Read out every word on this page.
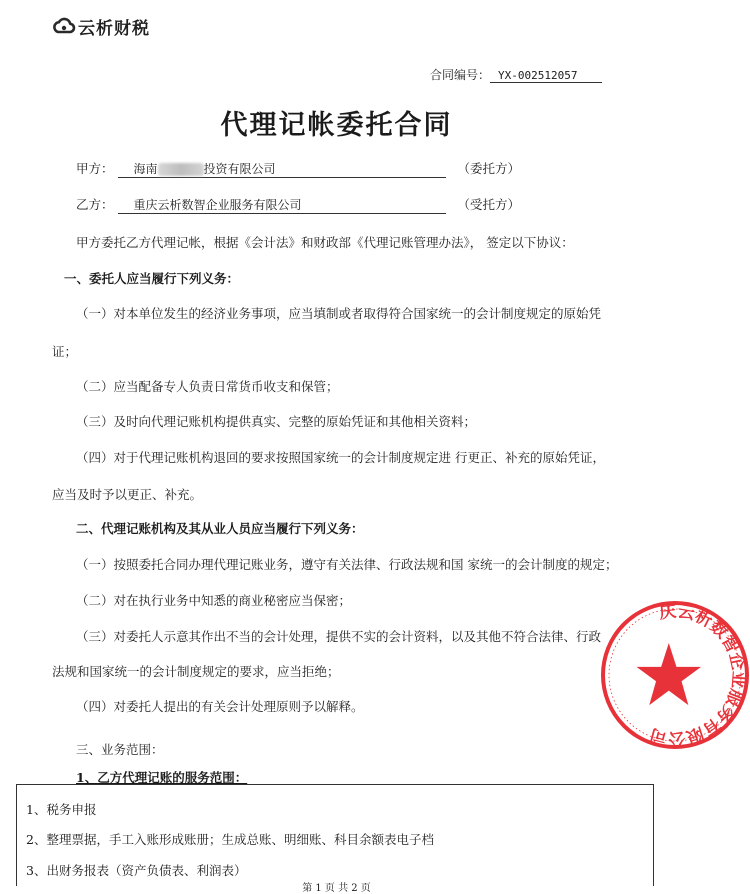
云析财税
合同编号： YX-002512057
代理记帐委托合同
甲方： 海南	投资有限公司	（委托方）
乙方： 重庆云析数智企业服务有限公司	（受托方）
甲方委托乙方代理记帐，根据《会计法》和财政部《代理记账管理办法》， 签定以下协议：
一、委托人应当履行下列义务：
（一）对本单位发生的经济业务事项，应当填制或者取得符合国家统一的会计制度规定的原始凭
证；
（二）应当配备专人负责日常货币收支和保管；
（三）及时向代理记账机构提供真实、完整的原始凭证和其他相关资料；
（四）对于代理记账机构退回的要求按照国家统一的会计制度规定进 行更正、补充的原始凭证，
应当及时予以更正、补充。
二、代理记账机构及其从业人员应当履行下列义务：
（一）按照委托合同办理代理记账业务，遵守有关法律、行政法规和国 家统一的会计制度的规定；
（二）对在执行业务中知悉的商业秘密应当保密；
（三）对委托人示意其作出不当的会计处理，提供不实的会计资料，以及其他不符合法律、行政
法规和国家统一的会计制度规定的要求，应当拒绝；
（四）对委托人提出的有关会计处理原则予以解释。
三、业务范围：
1、乙方代理记账的服务范围：
1、税务申报
2、整理票据，手工入账形成账册；生成总账、明细账、科目余额表电子档
3、出财务报表（资产负债表、利润表）
第 1 页 共 2 页
庆云析数智企业服务有限公司
